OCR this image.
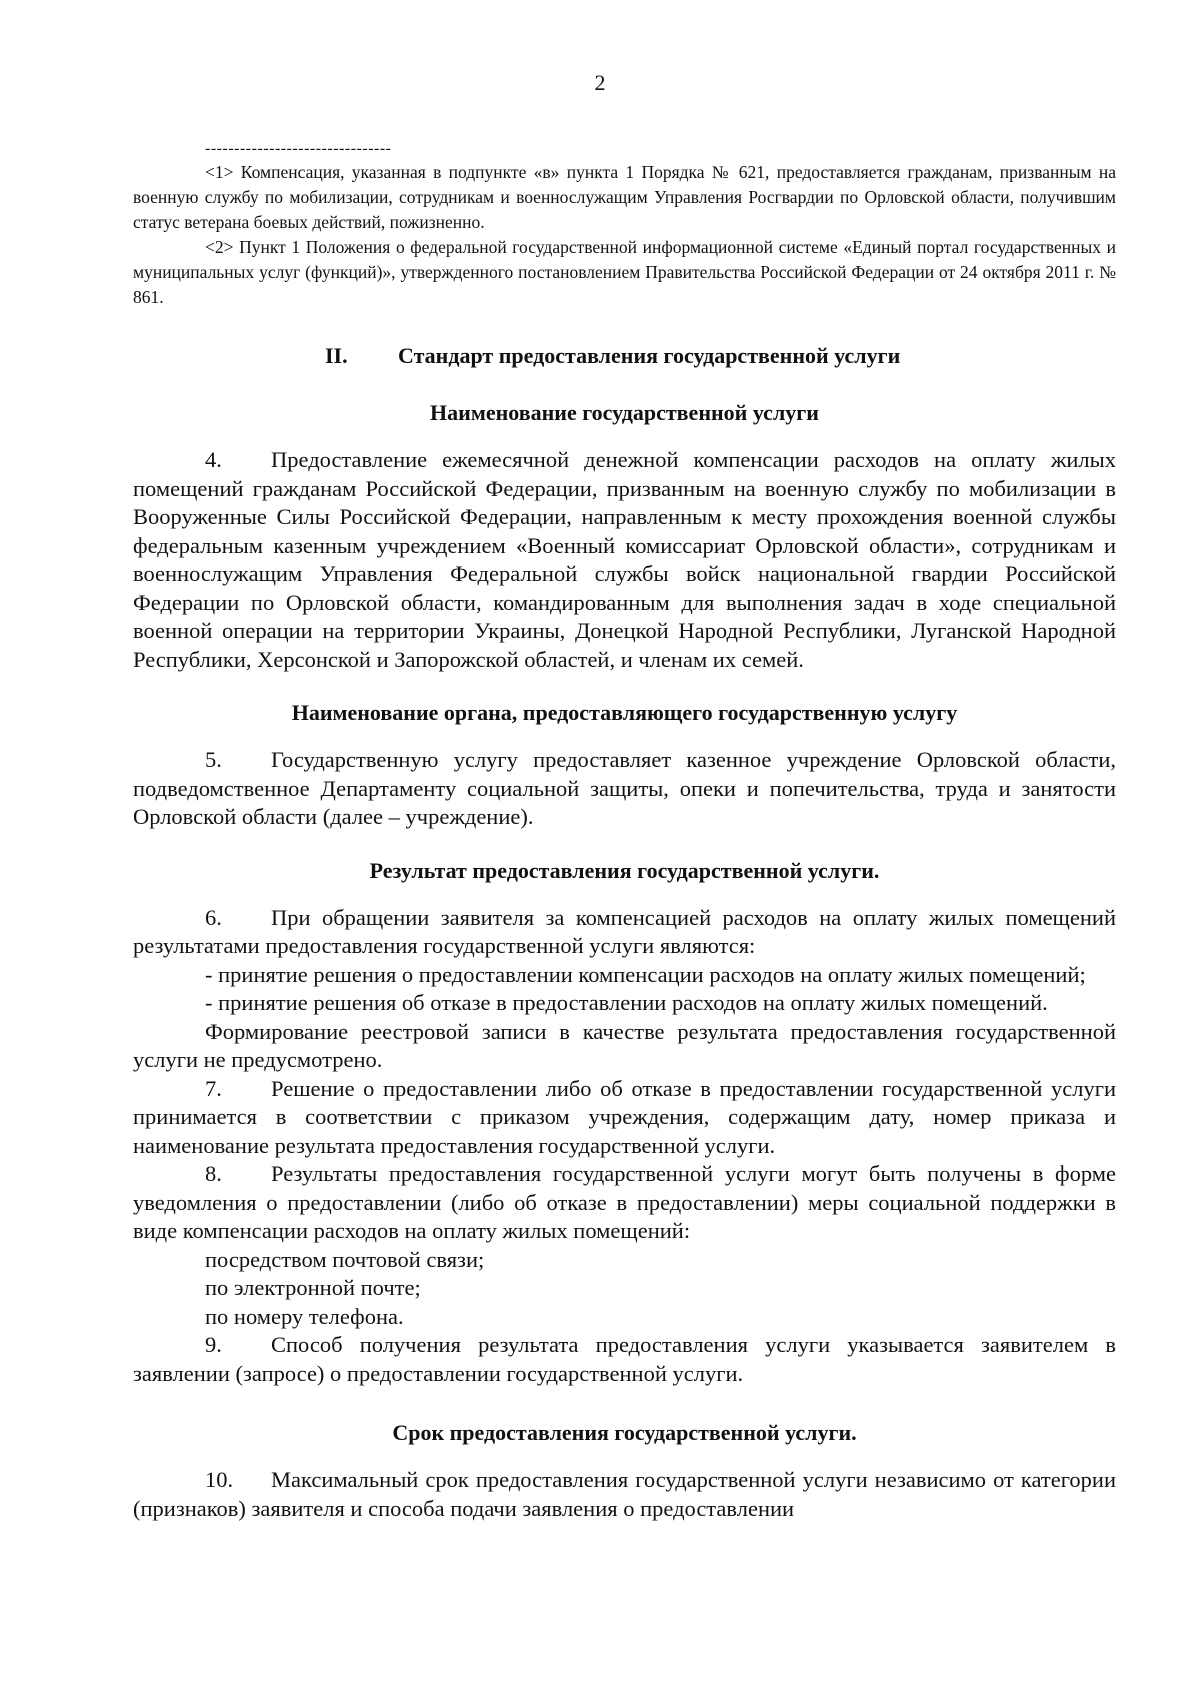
2
--------------------------------

<1> Компенсация, указанная в подпункте «в» пункта 1 Порядка № 621, предоставляется гражданам, призванным на военную службу по мобилизации, сотрудникам и военнослужащим Управления Росгвардии по Орловской области, получившим статус ветерана боевых действий, пожизненно.

<2> Пункт 1 Положения о федеральной государственной информационной системе «Единый портал государственных и муниципальных услуг (функций)», утвержденного постановлением Правительства Российской Федерации от 24 октября 2011 г. № 861.

II. Стандарт предоставления государственной услуги

Наименование государственной услуги

4. Предоставление ежемесячной денежной компенсации расходов на оплату жилых помещений гражданам Российской Федерации, призванным на военную службу по мобилизации в Вооруженные Силы Российской Федерации, направленным к месту прохождения военной службы федеральным казенным учреждением «Военный комиссариат Орловской области», сотрудникам и военнослужащим Управления Федеральной службы войск национальной гвардии Российской Федерации по Орловской области, командированным для выполнения задач в ходе специальной военной операции на территории Украины, Донецкой Народной Республики, Луганской Народной Республики, Херсонской и Запорожской областей, и членам их семей.

Наименование органа, предоставляющего государственную услугу

5. Государственную услугу предоставляет казенное учреждение Орловской области, подведомственное Департаменту социальной защиты, опеки и попечительства, труда и занятости Орловской области (далее – учреждение).

Результат предоставления государственной услуги.

6. При обращении заявителя за компенсацией расходов на оплату жилых помещений результатами предоставления государственной услуги являются:

- принятие решения о предоставлении компенсации расходов на оплату жилых помещений;

- принятие решения об отказе в предоставлении расходов на оплату жилых помещений.

Формирование реестровой записи в качестве результата предоставления государственной услуги не предусмотрено.

7. Решение о предоставлении либо об отказе в предоставлении государственной услуги принимается в соответствии с приказом учреждения, содержащим дату, номер приказа и наименование результата предоставления государственной услуги.

8. Результаты предоставления государственной услуги могут быть получены в форме уведомления о предоставлении (либо об отказе в предоставлении) меры социальной поддержки в виде компенсации расходов на оплату жилых помещений:

посредством почтовой связи;

по электронной почте;

по номеру телефона.

9. Способ получения результата предоставления услуги указывается заявителем в заявлении (запросе) о предоставлении государственной услуги.

Срок предоставления государственной услуги.

10. Максимальный срок предоставления государственной услуги независимо от категории (признаков) заявителя и способа подачи заявления о предоставлении
